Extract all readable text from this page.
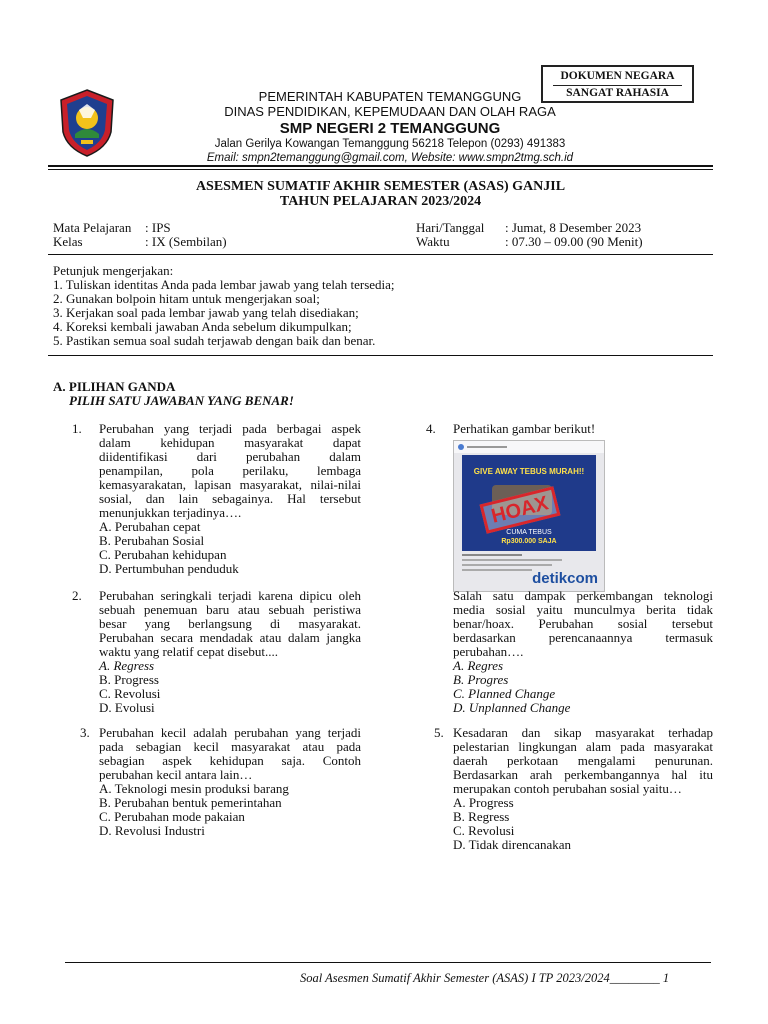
DOKUMEN NEGARA
SANGAT RAHASIA
PEMERINTAH KABUPATEN TEMANGGUNG
DINAS PENDIDIKAN, KEPEMUDAAN DAN OLAH RAGA
SMP NEGERI 2 TEMANGGUNG
Jalan Gerilya Kowangan Temanggung 56218 Telepon (0293) 491383
Email: smpn2temanggung@gmail.com, Website: www.smpn2tmg.sch.id
ASESMEN SUMATIF AKHIR SEMESTER (ASAS) GANJIL
TAHUN PELAJARAN 2023/2024
Mata Pelajaran : IPS
Kelas	: IX (Sembilan)
Hari/Tanggal : Jumat, 8 Desember 2023
Waktu	: 07.30 – 09.00 (90 Menit)
Petunjuk mengerjakan:
1. Tuliskan identitas Anda pada lembar jawab yang telah tersedia;
2. Gunakan bolpoin hitam untuk mengerjakan soal;
3. Kerjakan soal pada lembar jawab yang telah disediakan;
4. Koreksi kembali jawaban Anda sebelum dikumpulkan;
5. Pastikan semua soal sudah terjawab dengan baik dan benar.
A. PILIHAN GANDA
PILIH SATU JAWABAN YANG BENAR!
1. Perubahan yang terjadi pada berbagai aspek
dalam kehidupan masyarakat dapat
diidentifikasi dari perubahan dalam
penampilan, pola perilaku, lembaga
kemasyarakatan, lapisan masyarakat, nilai-nilai
sosial, dan lain sebagainya. Hal tersebut
menunjukkan terjadinya….
A. Perubahan cepat
B. Perubahan Sosial
C. Perubahan kehidupan
D. Pertumbuhan penduduk
2. Perubahan seringkali terjadi karena dipicu oleh
sebuah penemuan baru atau sebuah peristiwa
besar yang berlangsung di masyarakat.
Perubahan secara mendadak atau dalam jangka
waktu yang relatif cepat disebut....
A. Regress
B. Progress
C. Revolusi
D. Evolusi
3. Perubahan kecil adalah perubahan yang terjadi
pada sebagian kecil masyarakat atau pada
sebagian aspek kehidupan saja. Contoh
perubahan kecil antara lain…
A. Teknologi mesin produksi barang
B. Perubahan bentuk pemerintahan
C. Perubahan mode pakaian
D. Revolusi Industri
4. Perhatikan gambar berikut!
GIVE AWAY TEBUS MURAH!!
HOAX
CUMA TEBUS
Rp300.000 SAJA
detikcom
Salah satu dampak perkembangan teknologi
media sosial yaitu munculmya berita tidak
benar/hoax. Perubahan sosial tersebut
berdasarkan perencanaannya termasuk
perubahan….
A. Regres
B. Progres
C. Planned Change
D. Unplanned Change
5. Kesadaran dan sikap masyarakat terhadap
pelestarian lingkungan alam pada masyarakat
daerah perkotaan mengalami penurunan.
Berdasarkan arah perkembangannya hal itu
merupakan contoh perubahan sosial yaitu…
A. Progress
B. Regress
C. Revolusi
D. Tidak direncanakan
Soal Asesmen Sumatif Akhir Semester (ASAS) I TP 2023/2024________ 1
